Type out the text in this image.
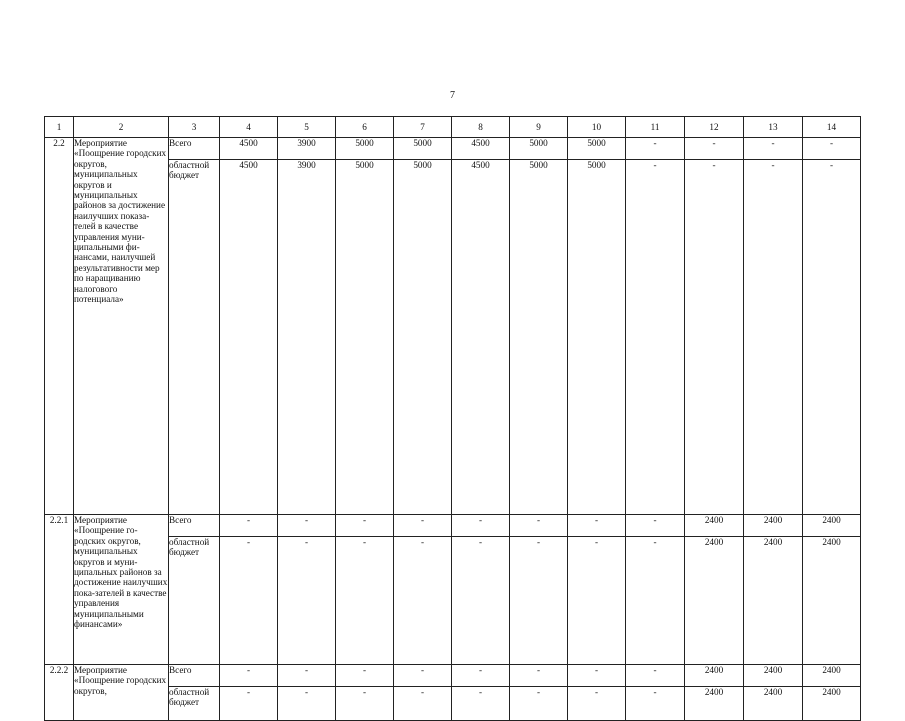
7
1	2	3	4	5	6	7	8	9	10	11	12	13	14
2.2	Мероприятие «Поощрение городских округов, муниципальных округов и муниципальных районов за достижение наилучших показа-телей в качестве управления муни-ципальными фи-нансами, наилучшей результативности мер по наращиванию налогового потенциала»	Всего	4500	3900	5000	5000	4500	5000	5000	-	-	-	-
		областной бюджет	4500	3900	5000	5000	4500	5000	5000	-	-	-	-
2.2.1	Мероприятие «Поощрение го-родских округов, муниципальных округов и муни-ципальных районов за достижение наилучших пока-зателей в качестве управления муниципальными финансами»	Всего	-	-	-	-	-	-	-	-	2400	2400	2400
		областной бюджет	-	-	-	-	-	-	-	-	2400	2400	2400
2.2.2	Мероприятие «Поощрение городских округов,	Всего	-	-	-	-	-	-	-	-	2400	2400	2400
		областной бюджет	-	-	-	-	-	-	-	-	2400	2400	2400
